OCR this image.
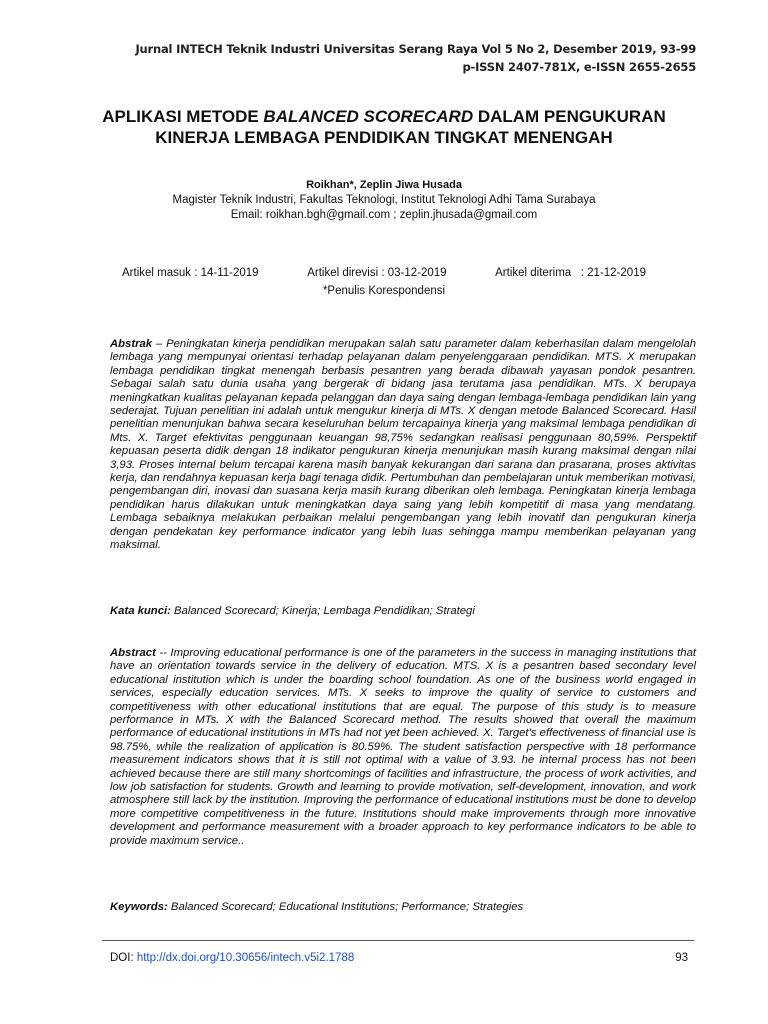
Jurnal INTECH Teknik Industri Universitas Serang Raya Vol 5 No 2, Desember 2019, 93-99
p-ISSN 2407-781X, e-ISSN 2655-2655
APLIKASI METODE BALANCED SCORECARD DALAM PENGUKURAN KINERJA LEMBAGA PENDIDIKAN TINGKAT MENENGAH
Roikhan*, Zeplin Jiwa Husada
Magister Teknik Industri, Fakultas Teknologi, Institut Teknologi Adhi Tama Surabaya
Email: roikhan.bgh@gmail.com ; zeplin.jhusada@gmail.com
Artikel masuk : 14-11-2019	Artikel direvisi : 03-12-2019	Artikel diterima   : 21-12-2019
*Penulis Korespondensi
Abstrak – Peningkatan kinerja pendidikan merupakan salah satu parameter dalam keberhasilan dalam mengelolah lembaga yang mempunyai orientasi terhadap pelayanan dalam penyelenggaraan pendidikan. MTS. X merupakan lembaga pendidikan tingkat menengah berbasis pesantren yang berada dibawah yayasan pondok pesantren. Sebagai salah satu dunia usaha yang bergerak di bidang jasa terutama jasa pendidikan. MTs. X berupaya meningkatkan kualitas pelayanan kepada pelanggan dan daya saing dengan lembaga-lembaga pendidikan lain yang sederajat. Tujuan penelitian ini adalah untuk mengukur kinerja di MTs. X dengan metode Balanced Scorecard. Hasil penelitian menunjukan bahwa secara keseluruhan belum tercapainya kinerja yang maksimal lembaga pendidikan di Mts. X. Target efektivitas penggunaan keuangan 98,75% sedangkan realisasi penggunaan 80,59%. Perspektif kepuasan peserta didik dengan 18 indikator pengukuran kinerja menunjukan masih kurang maksimal dengan nilai 3,93. Proses internal belum tercapai karena masih banyak kekurangan dari sarana dan prasarana, proses aktivitas kerja, dan rendahnya kepuasan kerja bagi tenaga didik. Pertumbuhan dan pembelajaran untuk memberikan motivasi, pengembangan diri, inovasi dan suasana kerja masih kurang diberikan oleh lembaga. Peningkatan kinerja lembaga pendidikan harus dilakukan untuk meningkatkan daya saing yang lebih kompetitif di masa yang mendatang. Lembaga sebaiknya melakukan perbaikan melalui pengembangan yang lebih inovatif dan pengukuran kinerja dengan pendekatan key performance indicator yang lebih luas sehingga mampu memberikan pelayanan yang maksimal.
Kata kunci: Balanced Scorecard; Kinerja; Lembaga Pendidikan; Strategi
Abstract -- Improving educational performance is one of the parameters in the success in managing institutions that have an orientation towards service in the delivery of education. MTS. X is a pesantren based secondary level educational institution which is under the boarding school foundation. As one of the business world engaged in services, especially education services. MTs. X seeks to improve the quality of service to customers and competitiveness with other educational institutions that are equal. The purpose of this study is to measure performance in MTs. X with the Balanced Scorecard method. The results showed that overall the maximum performance of educational institutions in MTs had not yet been achieved. X. Target's effectiveness of financial use is 98.75%, while the realization of application is 80.59%. The student satisfaction perspective with 18 performance measurement indicators shows that it is still not optimal with a value of 3.93. he internal process has not been achieved because there are still many shortcomings of facilities and infrastructure, the process of work activities, and low job satisfaction for students. Growth and learning to provide motivation, self-development, innovation, and work atmosphere still lack by the institution. Improving the performance of educational institutions must be done to develop more competitive competitiveness in the future. Institutions should make improvements through more innovative development and performance measurement with a broader approach to key performance indicators to be able to provide maximum service..
Keywords: Balanced Scorecard; Educational Institutions; Performance; Strategies
DOI: http://dx.doi.org/10.30656/intech.v5i2.1788	93
